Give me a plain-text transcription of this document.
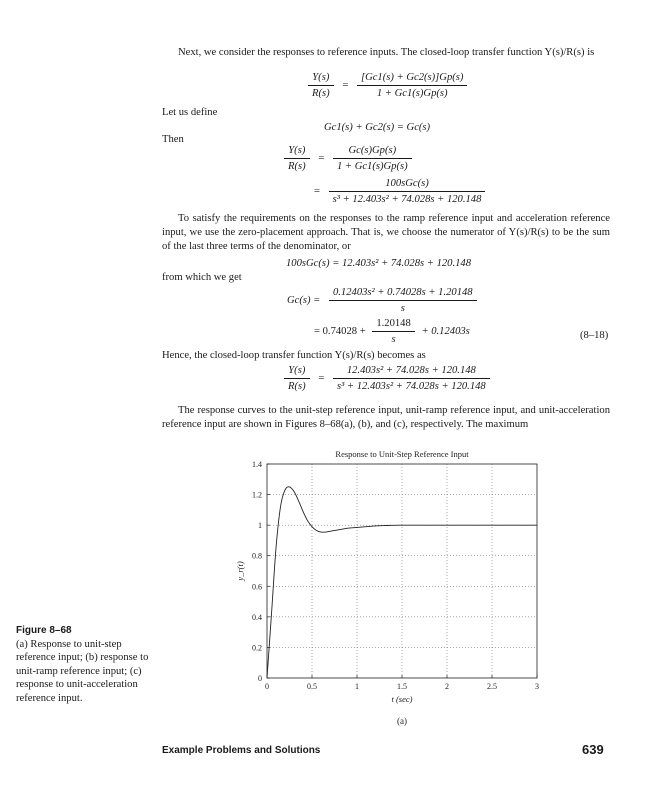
Next, we consider the responses to reference inputs. The closed-loop transfer function Y(s)/R(s) is
$\frac{Y(s)}{R(s)} = \frac{[Gc1(s) + Gc2(s)]Gp(s)}{1 + Gc1(s)Gp(s)}$
Let us define
Gc1(s) + Gc2(s) = Gc(s)
Then
$\frac{Y(s)}{R(s)} = \frac{Gc(s)Gp(s)}{1 + Gc1(s)Gp(s)}$
= $\frac{\text{100sGc(s)}}{\text{s³ + 12.403s² + 74.028s + 120.148}}$
To satisfy the requirements on the responses to the ramp reference input and acceleration reference input, we use the zero-placement approach. That is, we choose the numerator of Y(s)/R(s) to be the sum of the last three terms of the denominator, or
100sGc(s) = 12.403s² + 74.028s + 120.148
from which we get
$Gc(s) = \frac{\text{0.12403s² + 0.74028s + 1.20148}}{s}$
= $0.74028 + \frac{1.20148}{s} + 0.12403s$	(8–18)
Hence, the closed-loop transfer function Y(s)/R(s) becomes as
$\frac{Y(s)}{R(s)} = \frac{\text{12.403s² + 74.028s + 120.148}}{\text{s³ + 12.403s² + 74.028s + 120.148}}$
The response curves to the unit-step reference input, unit-ramp reference input, and unit-acceleration reference input are shown in Figures 8–68(a), (b), and (c), respectively. The maximum
Response to Unit-Step Reference Input
0	0.5	1	1.5	2	2.5	3
0
0.2
0.4
0.6
0.8
1
1.2
1.4
t (sec)
y_r(t)
(a)
Figure 8–68
(a) Response to unit-step reference input; (b) response to unit-ramp reference input; (c) response to unit-acceleration reference input.
Example Problems and Solutions	639
